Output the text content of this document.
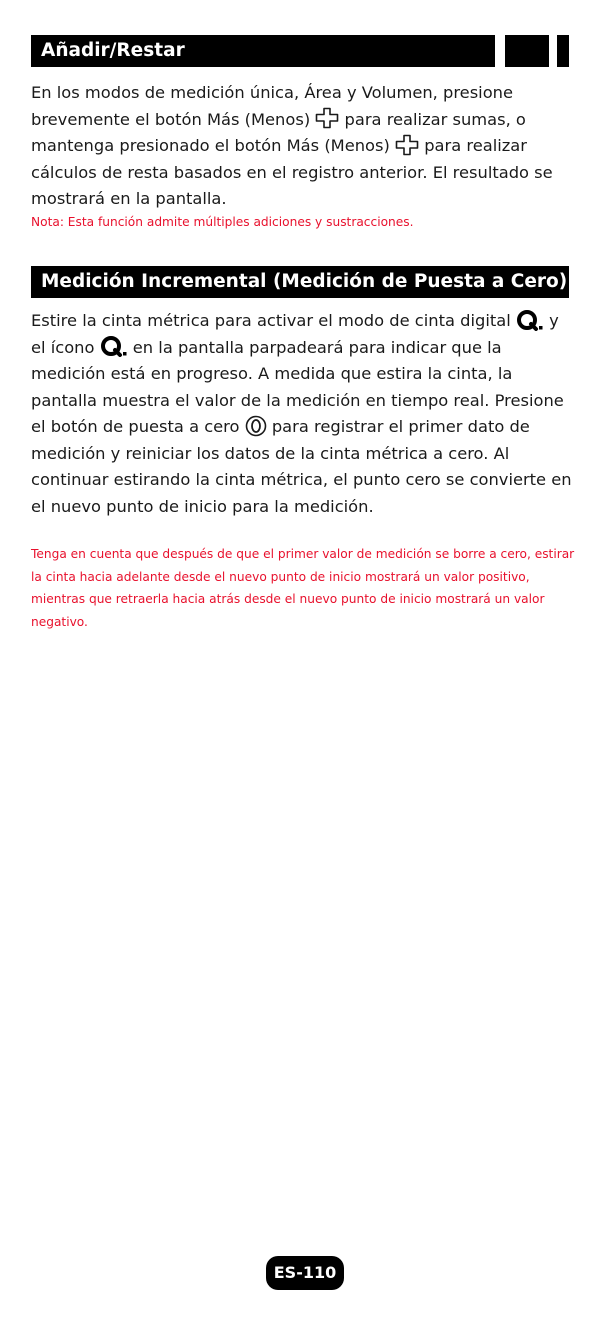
Añadir/Restar

En los modos de medición única, Área y Volumen, presione brevemente el botón Más (Menos)
para realizar sumas, o mantenga presionado el botón Más (Menos)
para realizar cálculos de resta basados en el registro anterior. El resultado se mostrará en la pantalla.

Nota: Esta función admite múltiples adiciones y sustracciones.

Medición Incremental (Medición de Puesta a Cero)

Estire la cinta métrica para activar el modo de cinta digital
y el ícono
en la pantalla parpadeará para indicar que la medición está en progreso. A medida que estira la cinta, la pantalla muestra el valor de la medición en tiempo real. Presione el botón de puesta a cero
para registrar el primer dato de medición y reiniciar los datos de la cinta métrica a cero. Al continuar estirando la cinta métrica, el punto cero se convierte en el nuevo punto de inicio para la medición.

Tenga en cuenta que después de que el primer valor de medición se borre a cero, estirar la cinta hacia adelante desde el nuevo punto de inicio mostrará un valor positivo, mientras que retraerla hacia atrás desde el nuevo punto de inicio mostrará un valor negativo.

ES-110
